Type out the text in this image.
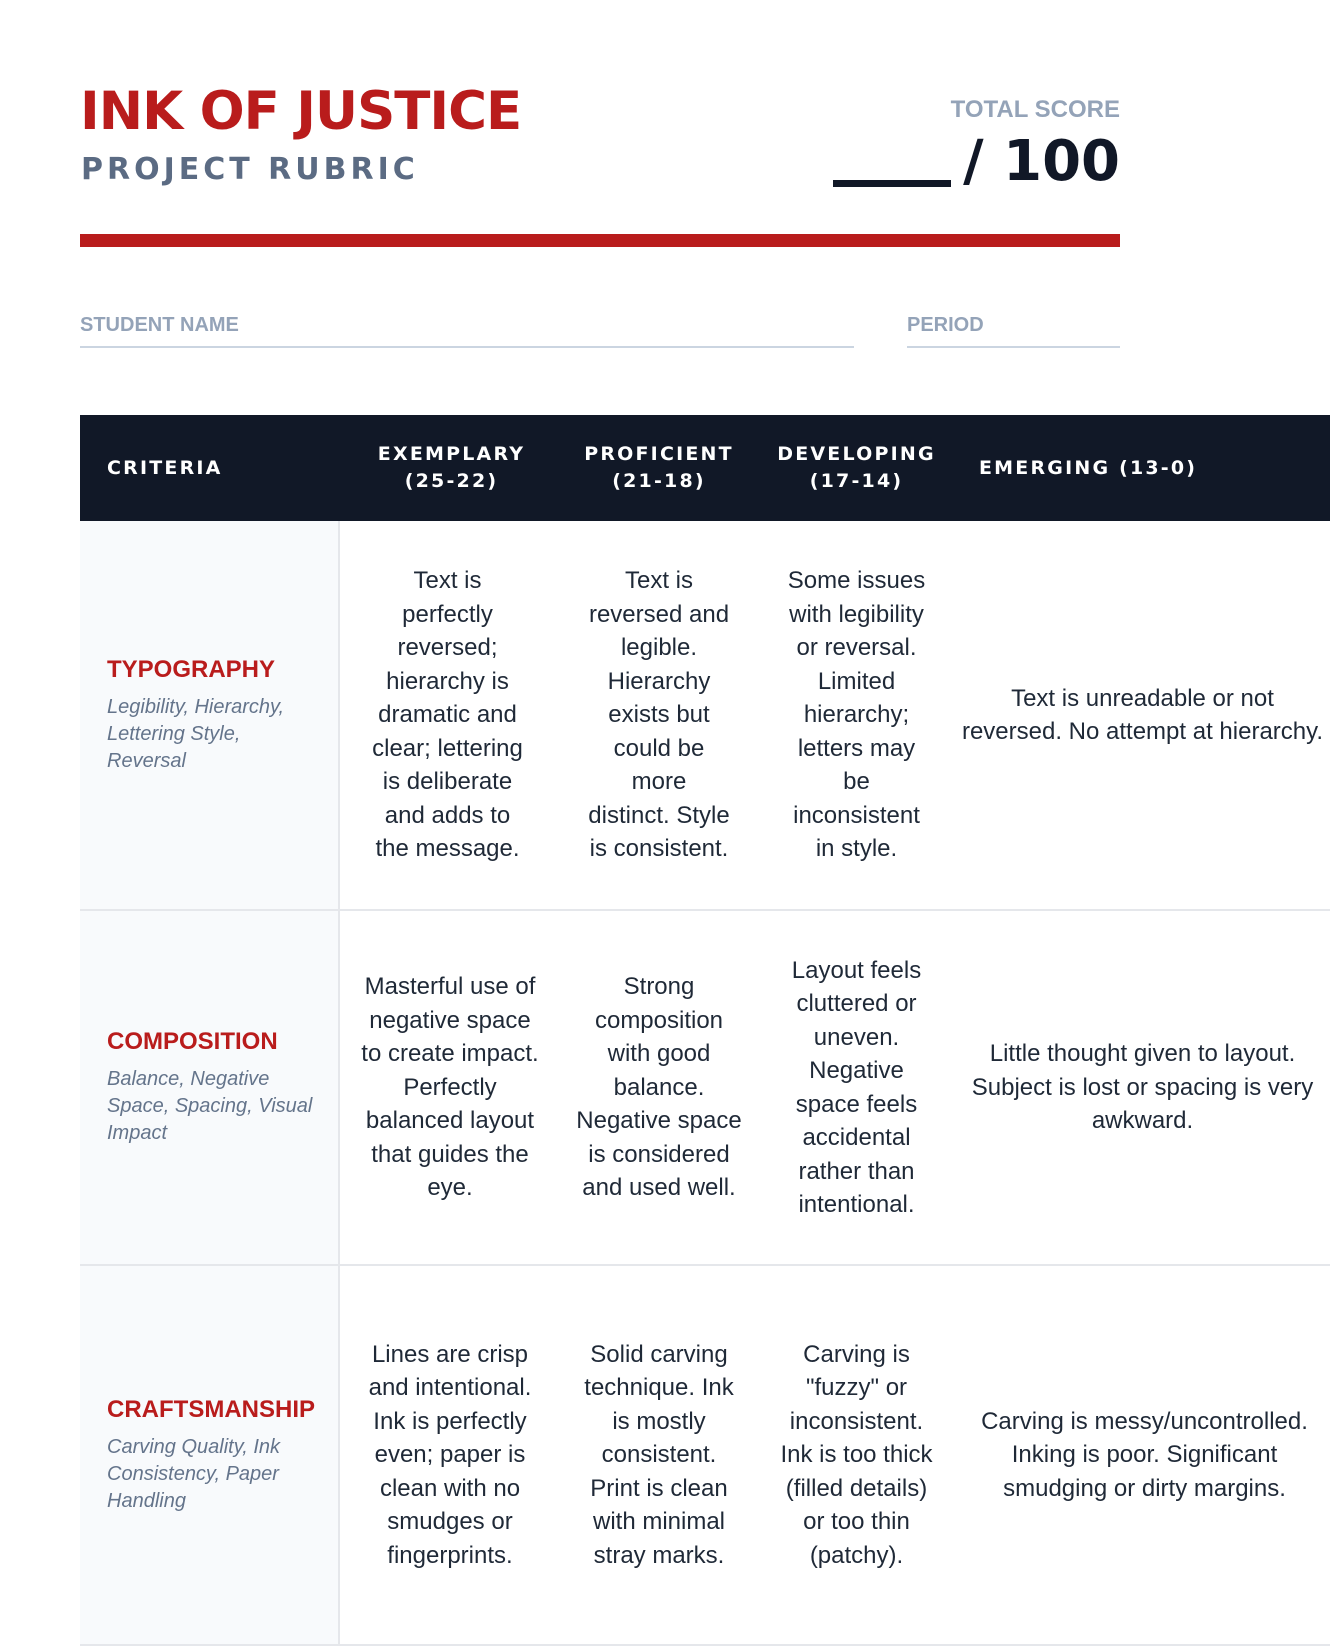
INK OF JUSTICE
PROJECT RUBRIC
TOTAL SCORE
/ 100
STUDENT NAME	PERIOD
CRITERIA	EXEMPLARY (25-22)	PROFICIENT (21-18)	DEVELOPING (17-14)	EMERGING (13-0)

TYPOGRAPHY
Legibility, Hierarchy, Lettering Style, Reversal	Text is perfectly reversed; hierarchy is dramatic and clear; lettering is deliberate and adds to the message.	Text is reversed and legible. Hierarchy exists but could be more distinct. Style is consistent.	Some issues with legibility or reversal. Limited hierarchy; letters may be inconsistent in style.	Text is unreadable or not reversed. No attempt at hierarchy.

COMPOSITION
Balance, Negative Space, Spacing, Visual Impact	Masterful use of negative space to create impact. Perfectly balanced layout that guides the eye.	Strong composition with good balance. Negative space is considered and used well.	Layout feels cluttered or uneven. Negative space feels accidental rather than intentional.	Little thought given to layout. Subject is lost or spacing is very awkward.

CRAFTSMANSHIP
Carving Quality, Ink Consistency, Paper Handling	Lines are crisp and intentional. Ink is perfectly even; paper is clean with no smudges or fingerprints.	Solid carving technique. Ink is mostly consistent. Print is clean with minimal stray marks.	Carving is "fuzzy" or inconsistent. Ink is too thick (filled details) or too thin (patchy).	Carving is messy/uncontrolled. Inking is poor. Significant smudging or dirty margins.
